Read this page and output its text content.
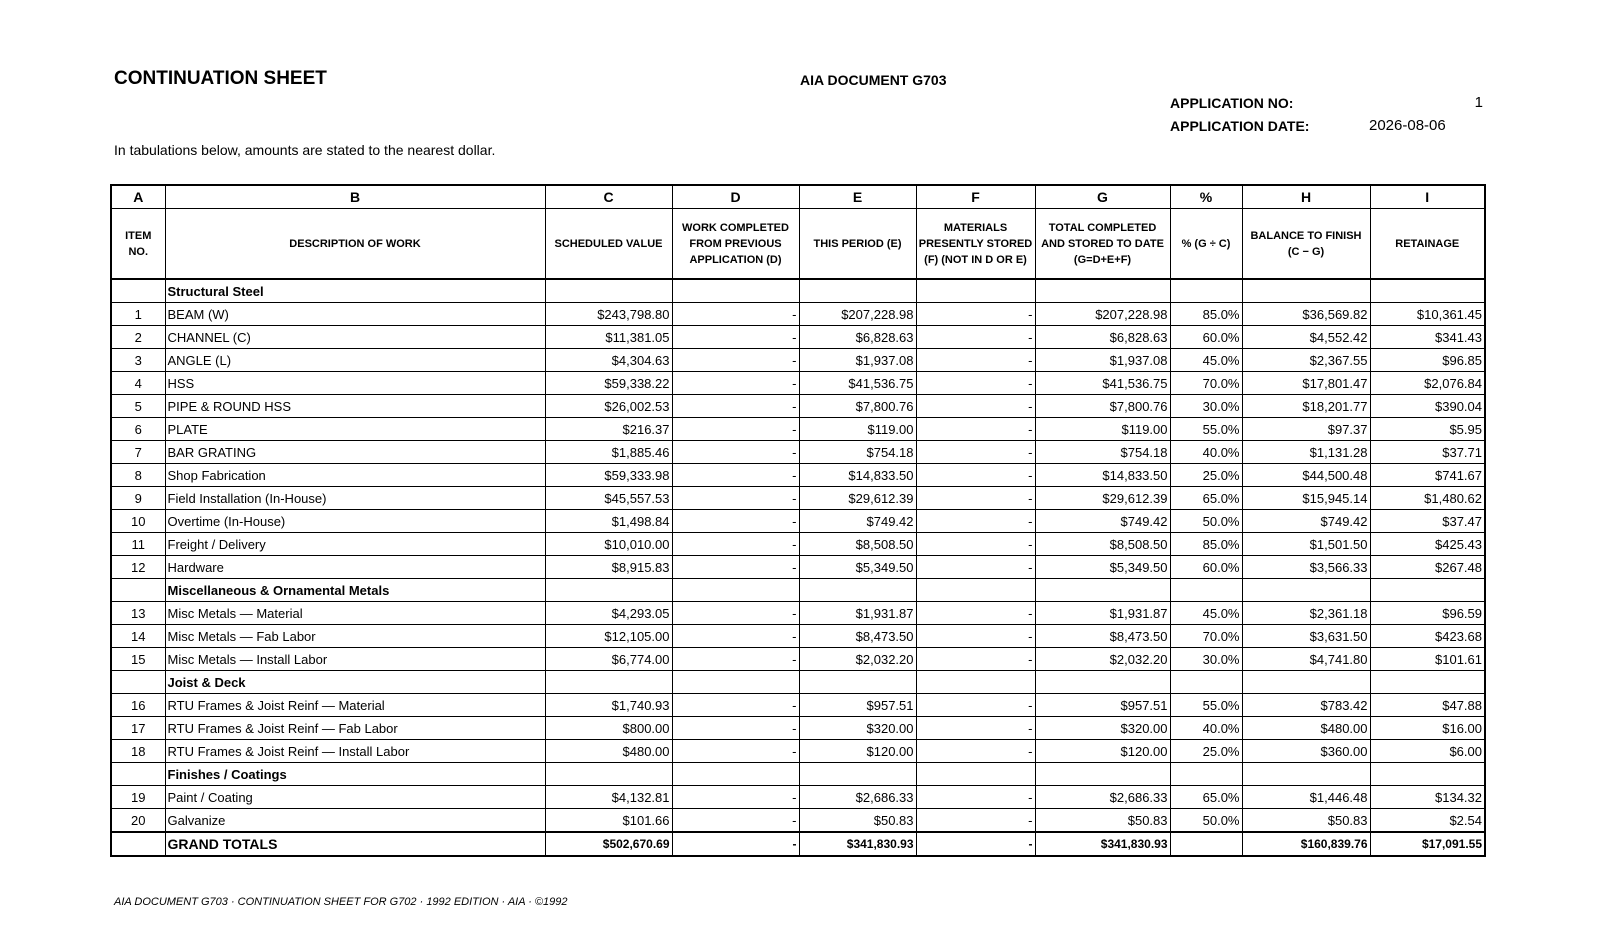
CONTINUATION SHEET	AIA DOCUMENT G703
APPLICATION NO:	1
APPLICATION DATE:	2026-08-06
In tabulations below, amounts are stated to the nearest dollar.
A	B	C	D	E	F	G	%	H	I
ITEM NO.	DESCRIPTION OF WORK	SCHEDULED VALUE	WORK COMPLETED FROM PREVIOUS APPLICATION (D)	THIS PERIOD (E)	MATERIALS PRESENTLY STORED (F) (NOT IN D OR E)	TOTAL COMPLETED AND STORED TO DATE (G=D+E+F)	% (G ÷ C)	BALANCE TO FINISH (C − G)	RETAINAGE
	Structural Steel								
1	BEAM (W)	$243,798.80	-	$207,228.98	-	$207,228.98	85.0%	$36,569.82	$10,361.45
2	CHANNEL (C)	$11,381.05	-	$6,828.63	-	$6,828.63	60.0%	$4,552.42	$341.43
3	ANGLE (L)	$4,304.63	-	$1,937.08	-	$1,937.08	45.0%	$2,367.55	$96.85
4	HSS	$59,338.22	-	$41,536.75	-	$41,536.75	70.0%	$17,801.47	$2,076.84
5	PIPE & ROUND HSS	$26,002.53	-	$7,800.76	-	$7,800.76	30.0%	$18,201.77	$390.04
6	PLATE	$216.37	-	$119.00	-	$119.00	55.0%	$97.37	$5.95
7	BAR GRATING	$1,885.46	-	$754.18	-	$754.18	40.0%	$1,131.28	$37.71
8	Shop Fabrication	$59,333.98	-	$14,833.50	-	$14,833.50	25.0%	$44,500.48	$741.67
9	Field Installation (In-House)	$45,557.53	-	$29,612.39	-	$29,612.39	65.0%	$15,945.14	$1,480.62
10	Overtime (In-House)	$1,498.84	-	$749.42	-	$749.42	50.0%	$749.42	$37.47
11	Freight / Delivery	$10,010.00	-	$8,508.50	-	$8,508.50	85.0%	$1,501.50	$425.43
12	Hardware	$8,915.83	-	$5,349.50	-	$5,349.50	60.0%	$3,566.33	$267.48
	Miscellaneous & Ornamental Metals								
13	Misc Metals — Material	$4,293.05	-	$1,931.87	-	$1,931.87	45.0%	$2,361.18	$96.59
14	Misc Metals — Fab Labor	$12,105.00	-	$8,473.50	-	$8,473.50	70.0%	$3,631.50	$423.68
15	Misc Metals — Install Labor	$6,774.00	-	$2,032.20	-	$2,032.20	30.0%	$4,741.80	$101.61
	Joist & Deck								
16	RTU Frames & Joist Reinf — Material	$1,740.93	-	$957.51	-	$957.51	55.0%	$783.42	$47.88
17	RTU Frames & Joist Reinf — Fab Labor	$800.00	-	$320.00	-	$320.00	40.0%	$480.00	$16.00
18	RTU Frames & Joist Reinf — Install Labor	$480.00	-	$120.00	-	$120.00	25.0%	$360.00	$6.00
	Finishes / Coatings								
19	Paint / Coating	$4,132.81	-	$2,686.33	-	$2,686.33	65.0%	$1,446.48	$134.32
20	Galvanize	$101.66	-	$50.83	-	$50.83	50.0%	$50.83	$2.54
	GRAND TOTALS	$502,670.69	-	$341,830.93	-	$341,830.93		$160,839.76	$17,091.55
AIA DOCUMENT G703 · CONTINUATION SHEET FOR G702 · 1992 EDITION · AIA · ©1992
